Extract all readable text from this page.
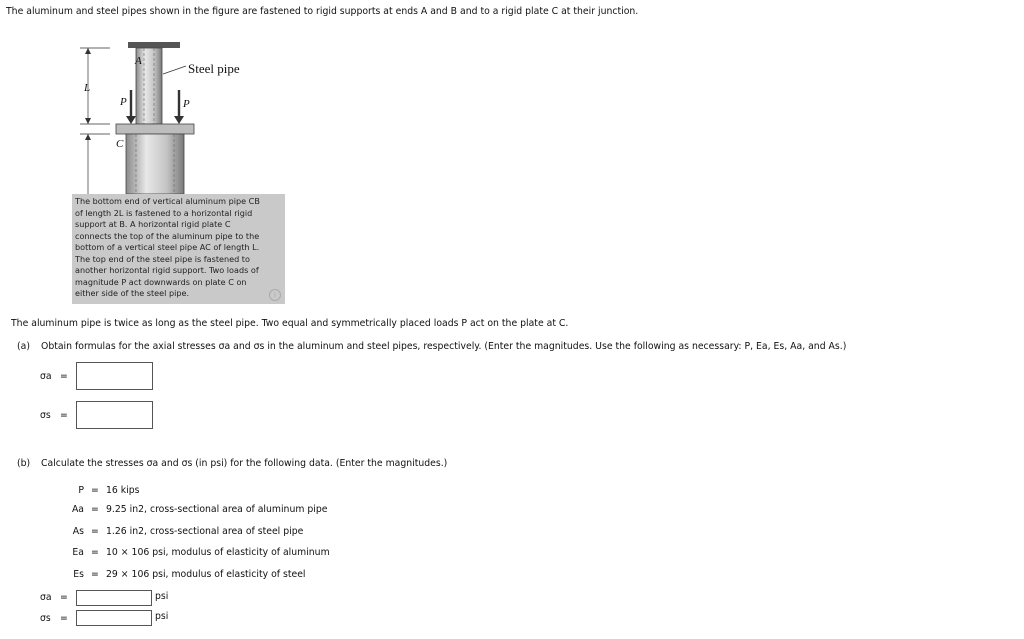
The aluminum and steel pipes shown in the figure are fastened to rigid supports at ends A and B and to a rigid plate C at their junction.
A
L
P	P
C
Steel pipe
The bottom end of vertical aluminum pipe CB
of length 2L is fastened to a horizontal rigid
support at B. A horizontal rigid plate C
connects the top of the aluminum pipe to the
bottom of a vertical steel pipe AC of length L.
The top end of the steel pipe is fastened to
another horizontal rigid support. Two loads of
magnitude P act downwards on plate C on
either side of the steel pipe.	i
The aluminum pipe is twice as long as the steel pipe. Two equal and symmetrically placed loads P act on the plate at C.
(a) Obtain formulas for the axial stresses σa and σs in the aluminum and steel pipes, respectively. (Enter the magnitudes. Use the following as necessary: P, Ea, Es, Aa, and As.)
σa =
σs =
(b) Calculate the stresses σa and σs (in psi) for the following data. (Enter the magnitudes.)
P = 16 kips
Aa = 9.25 in2, cross-sectional area of aluminum pipe
As = 1.26 in2, cross-sectional area of steel pipe
Ea = 10 × 106 psi, modulus of elasticity of aluminum
Es = 29 × 106 psi, modulus of elasticity of steel
σa =	psi
σs =	psi
